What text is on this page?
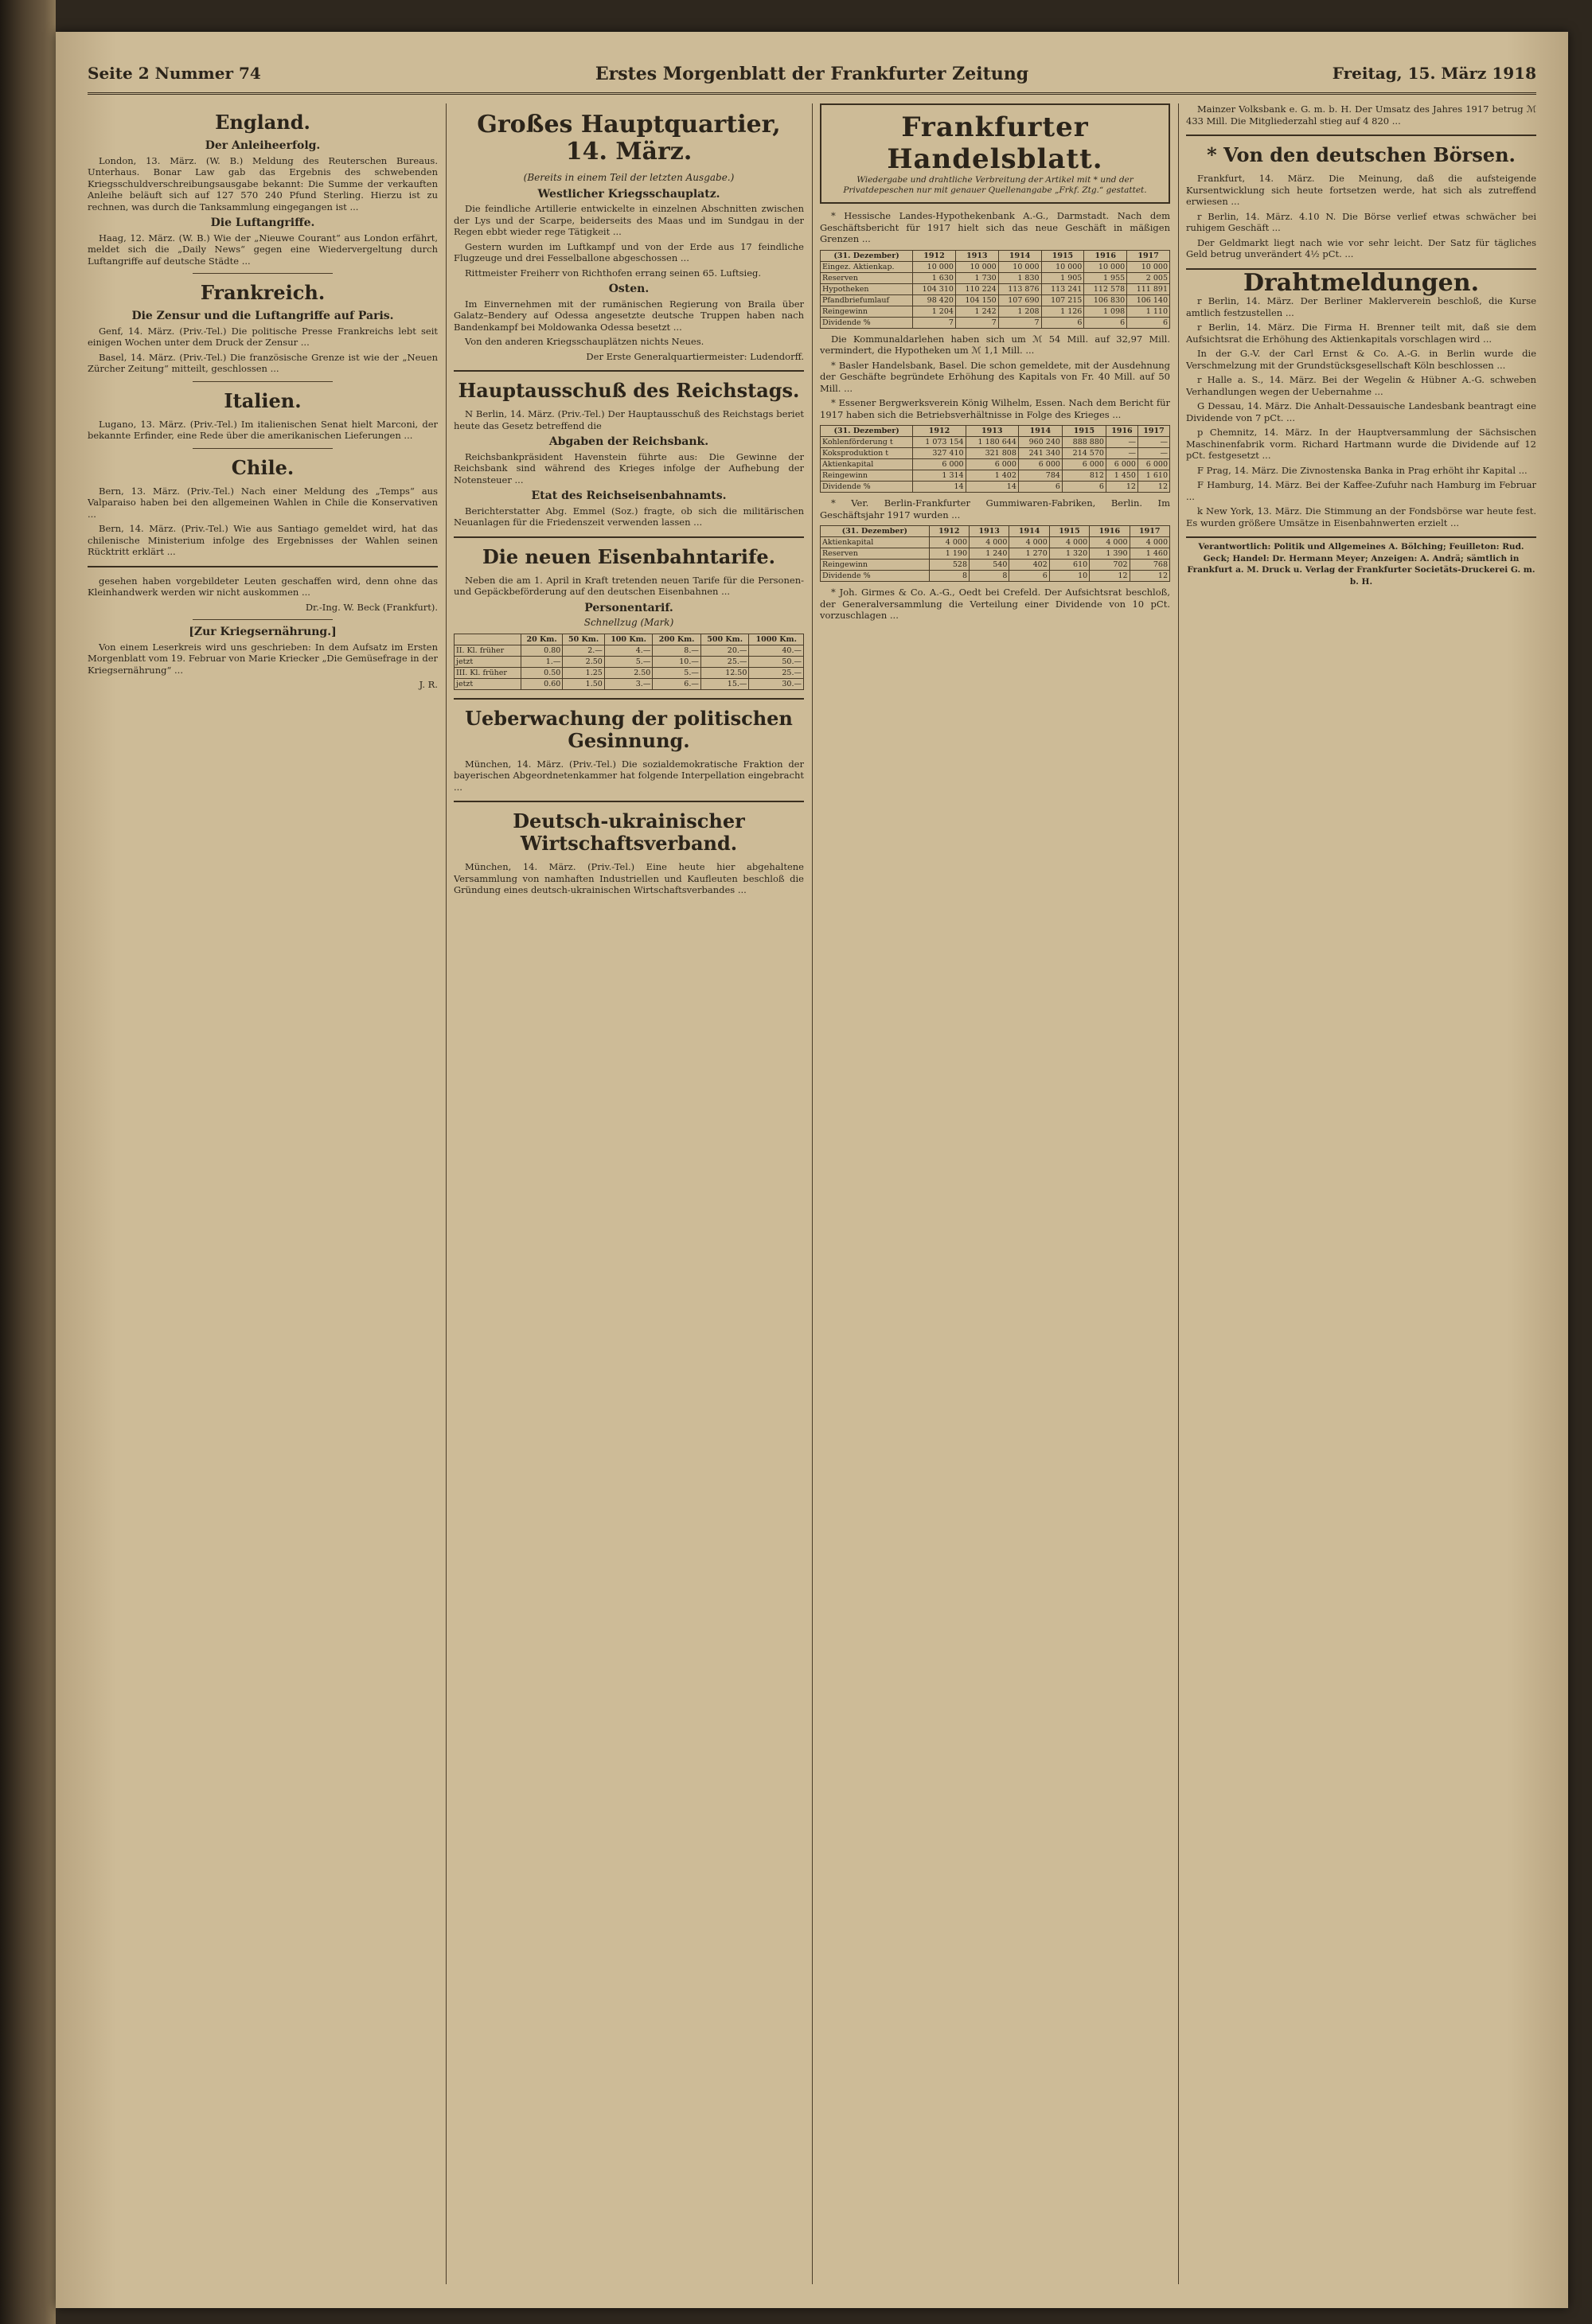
Seite 2 Nummer 74	Erstes Morgenblatt der Frankfurter Zeitung	Freitag, 15. März 1918
England.
Der Anleiheerfolg.

London, 13. März. (W. B.) Meldung des Reuterschen Bureaus. Unterhaus. Bonar Law gab das Ergebnis des schwebenden Kriegsschuldverschreibungsausgabe bekannt: Die Summe der verkauften Anleihe beläuft sich auf 127 570 240 Pfund Sterling. Hierzu ist zu rechnen, was durch die Tanksammlung eingegangen ist ...

Die Luftangriffe.

Haag, 12. März. (W. B.) Wie der „Nieuwe Courant“ aus London erfährt, meldet sich die „Daily News“ gegen eine Wiedervergeltung durch Luftangriffe auf deutsche Städte ...

Frankreich.
Die Zensur und die Luftangriffe auf Paris.

Genf, 14. März. (Priv.-Tel.) Die politische Presse Frankreichs lebt seit einigen Wochen unter dem Druck der Zensur ...

Basel, 14. März. (Priv.-Tel.) Die französische Grenze ist wie der „Neuen Zürcher Zeitung“ mitteilt, geschlossen ...

Italien.

Lugano, 13. März. (Priv.-Tel.) Im italienischen Senat hielt Marconi, der bekannte Erfinder, eine Rede über die amerikanischen Lieferungen ...

Chile.

Bern, 13. März. (Priv.-Tel.) Nach einer Meldung des „Temps“ aus Valparaiso haben bei den allgemeinen Wahlen in Chile die Konservativen ...

Bern, 14. März. (Priv.-Tel.) Wie aus Santiago gemeldet wird, hat das chilenische Ministerium infolge des Ergebnisses der Wahlen seinen Rücktritt erklärt ...

gesehen haben vorgebildeter Leuten geschaffen wird, denn ohne das Kleinhandwerk werden wir nicht auskommen ...

Dr.-Ing. W. Beck (Frankfurt).

[Zur Kriegsernährung.]

Von einem Leserkreis wird uns geschrieben: In dem Aufsatz im Ersten Morgenblatt vom 19. Februar von Marie Kriecker „Die Gemüsefrage in der Kriegsernährung“ ...

J. R.

Großes Hauptquartier, 14. März.
(Bereits in einem Teil der letzten Ausgabe.)
Westlicher Kriegsschauplatz.

Die feindliche Artillerie entwickelte in einzelnen Abschnitten zwischen der Lys und der Scarpe, beiderseits des Maas und im Sundgau in der Regen ebbt wieder rege Tätigkeit ...

Gestern wurden im Luftkampf und von der Erde aus 17 feindliche Flugzeuge und drei Fesselballone abgeschossen ...

Rittmeister Freiherr von Richthofen errang seinen 65. Luftsieg.

Osten.

Im Einvernehmen mit der rumänischen Regierung von Braila über Galatz–Bendery auf Odessa angesetzte deutsche Truppen haben nach Bandenkampf bei Moldowanka Odessa besetzt ...

Von den anderen Kriegsschauplätzen nichts Neues.

Der Erste Generalquartiermeister: Ludendorff.

Hauptausschuß des Reichstags.

N Berlin, 14. März. (Priv.-Tel.) Der Hauptausschuß des Reichstags beriet heute das Gesetz betreffend die

Abgaben der Reichsbank.

Reichsbankpräsident Havenstein führte aus: Die Gewinne der Reichsbank sind während des Krieges infolge der Aufhebung der Notensteuer ...

Etat des Reichseisenbahnamts.

Berichterstatter Abg. Emmel (Soz.) fragte, ob sich die militärischen Neuanlagen für die Friedenszeit verwenden lassen ...

Die neuen Eisenbahntarife.

Neben die am 1. April in Kraft tretenden neuen Tarife für die Personen- und Gepäckbeförderung auf den deutschen Eisenbahnen ...

Personentarif.
Schnellzug (Mark)
	20 Km.	50 Km.	100 Km.	200 Km.	500 Km.	1000 Km.
II. Kl. früher	0.80	2.—	4.—	8.—	20.—	40.—
jetzt	1.—	2.50	5.—	10.—	25.—	50.—
III. Kl. früher	0.50	1.25	2.50	5.—	12.50	25.—
jetzt	0.60	1.50	3.—	6.—	15.—	30.—
Ueberwachung der politischen Gesinnung.

München, 14. März. (Priv.-Tel.) Die sozialdemokratische Fraktion der bayerischen Abgeordnetenkammer hat folgende Interpellation eingebracht ...

Deutsch-ukrainischer Wirtschaftsverband.

München, 14. März. (Priv.-Tel.) Eine heute hier abgehaltene Versammlung von namhaften Industriellen und Kaufleuten beschloß die Gründung eines deutsch-ukrainischen Wirtschaftsverbandes ...

Frankfurter Handelsblatt.
Wiedergabe und drahtliche Verbreitung der Artikel mit * und der Privatdepeschen nur mit genauer Quellenangabe „Frkf. Ztg.“ gestattet.

* Hessische Landes-Hypothekenbank A.-G., Darmstadt. Nach dem Geschäftsbericht für 1917 hielt sich das neue Geschäft in mäßigen Grenzen ...

(31. Dezember)	1912	1913	1914	1915	1916	1917
Eingez. Aktienkap.	10 000	10 000	10 000	10 000	10 000	10 000
Reserven	1 630	1 730	1 830	1 905	1 955	2 005
Hypotheken	104 310	110 224	113 876	113 241	112 578	111 891
Pfandbriefumlauf	98 420	104 150	107 690	107 215	106 830	106 140
Reingewinn	1 204	1 242	1 208	1 126	1 098	1 110
Dividende %	7	7	7	6	6	6

Die Kommunaldarlehen haben sich um ℳ 54 Mill. auf 32,97 Mill. vermindert, die Hypotheken um ℳ 1,1 Mill. ...

* Basler Handelsbank, Basel. Die schon gemeldete, mit der Ausdehnung der Geschäfte begründete Erhöhung des Kapitals von Fr. 40 Mill. auf 50 Mill. ...

* Essener Bergwerksverein König Wilhelm, Essen. Nach dem Bericht für 1917 haben sich die Betriebsverhältnisse in Folge des Krieges ...

(31. Dezember)	1912	1913	1914	1915	1916	1917
Kohlenförderung t	1 073 154	1 180 644	960 240	888 880	—	—
Koksproduktion t	327 410	321 808	241 340	214 570	—	—
Aktienkapital	6 000	6 000	6 000	6 000	6 000	6 000
Reingewinn	1 314	1 402	784	812	1 450	1 610
Dividende %	14	14	6	6	12	12

* Ver. Berlin-Frankfurter Gummiwaren-Fabriken, Berlin. Im Geschäftsjahr 1917 wurden ...

(31. Dezember)	1912	1913	1914	1915	1916	1917
Aktienkapital	4 000	4 000	4 000	4 000	4 000	4 000
Reserven	1 190	1 240	1 270	1 320	1 390	1 460
Reingewinn	528	540	402	610	702	768
Dividende %	8	8	6	10	12	12

* Joh. Girmes & Co. A.-G., Oedt bei Crefeld. Der Aufsichtsrat beschloß, der Generalversammlung die Verteilung einer Dividende von 10 pCt. vorzuschlagen ...

Mainzer Volksbank e. G. m. b. H. Der Umsatz des Jahres 1917 betrug ℳ 433 Mill. Die Mitgliederzahl stieg auf 4 820 ...

* Von den deutschen Börsen.

Frankfurt, 14. März. Die Meinung, daß die aufsteigende Kursentwicklung sich heute fortsetzen werde, hat sich als zutreffend erwiesen ...

r Berlin, 14. März. 4.10 N. Die Börse verlief etwas schwächer bei ruhigem Geschäft ...

Der Geldmarkt liegt nach wie vor sehr leicht. Der Satz für tägliches Geld betrug unverändert 4½ pCt. ...

Drahtmeldungen.

r Berlin, 14. März. Der Berliner Maklerverein beschloß, die Kurse amtlich festzustellen ...

r Berlin, 14. März. Die Firma H. Brenner teilt mit, daß sie dem Aufsichtsrat die Erhöhung des Aktienkapitals vorschlagen wird ...

In der G.-V. der Carl Ernst & Co. A.-G. in Berlin wurde die Verschmelzung mit der Grundstücksgesellschaft Köln beschlossen ...

r Halle a. S., 14. März. Bei der Wegelin & Hübner A.-G. schweben Verhandlungen wegen der Uebernahme ...

G Dessau, 14. März. Die Anhalt-Dessauische Landesbank beantragt eine Dividende von 7 pCt. ...

p Chemnitz, 14. März. In der Hauptversammlung der Sächsischen Maschinenfabrik vorm. Richard Hartmann wurde die Dividende auf 12 pCt. festgesetzt ...

F Prag, 14. März. Die Zivnostenska Banka in Prag erhöht ihr Kapital ...

F Hamburg, 14. März. Bei der Kaffee-Zufuhr nach Hamburg im Februar ...

k New York, 13. März. Die Stimmung an der Fondsbörse war heute fest. Es wurden größere Umsätze in Eisenbahnwerten erzielt ...

Verantwortlich: Politik und Allgemeines A. Bölching; Feuilleton: Rud. Geck; Handel: Dr. Hermann Meyer; Anzeigen: A. Andrä; sämtlich in Frankfurt a. M. Druck u. Verlag der Frankfurter Societäts-Druckerei G. m. b. H.
